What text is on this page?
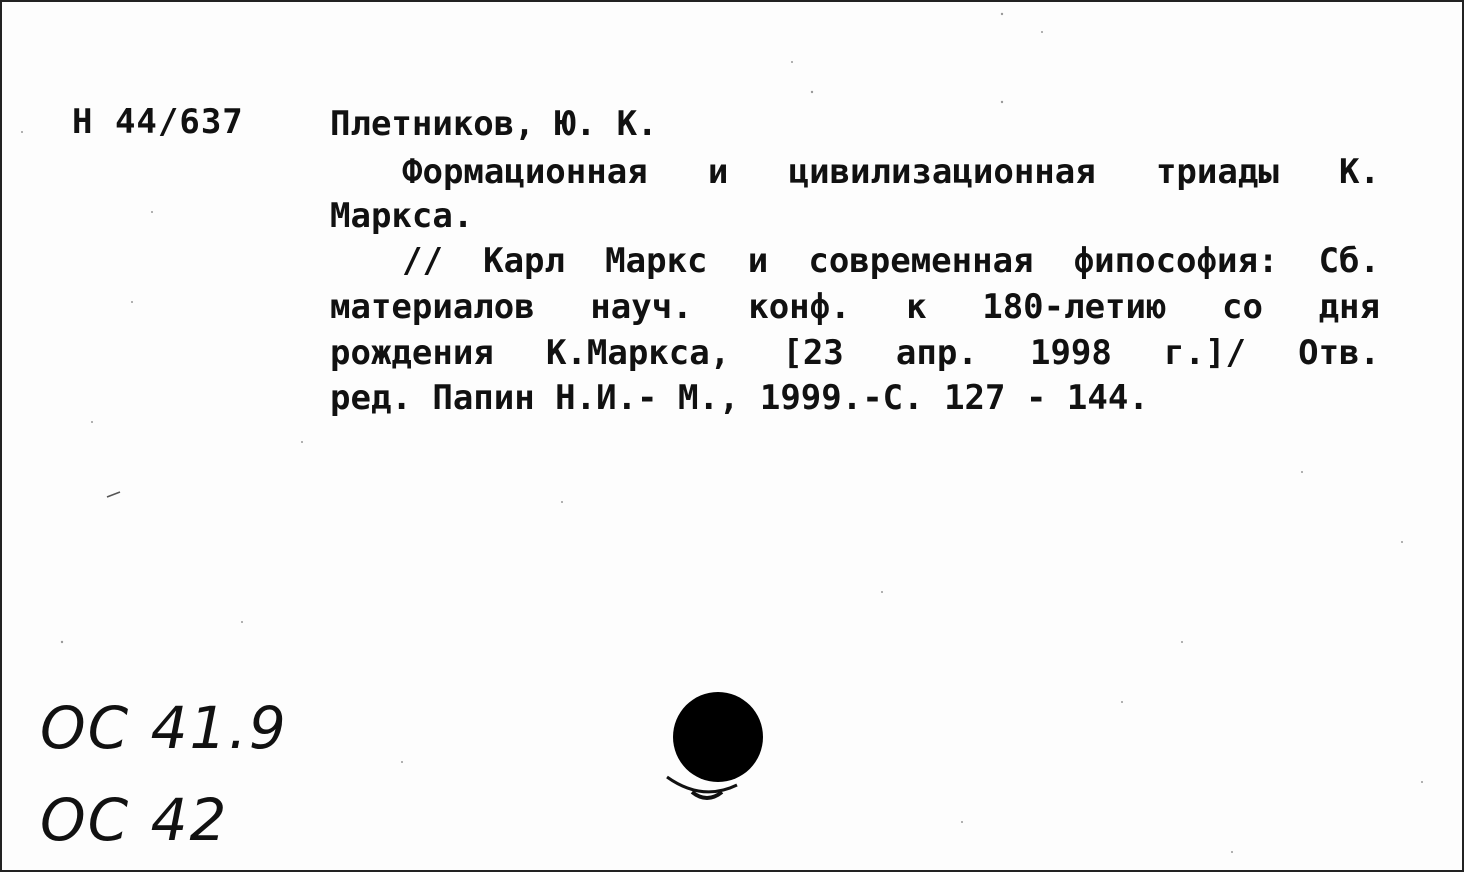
Н 44/637	Плетников, Ю. К.
Формационная и цивилизационная триады К.
Маркса.
// Карл Маркс и современная фипософия: Сб.
материалов науч. конф. к 180-летию со дня
рождения К.Маркса, [23 апр. 1998 г.]/ Отв.
ред. Папин Н.И.- М., 1999.-С. 127 - 144.
ОС 41.9
ОС 42
